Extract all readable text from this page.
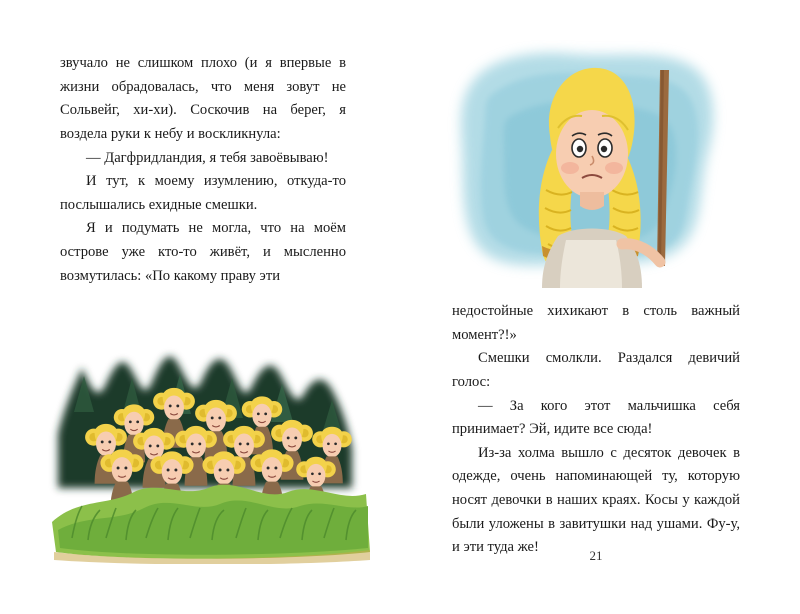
звучало не слишком плохо (и я впервые в жизни обрадовалась, что меня зовут не Сольвейг, хи-хи). Соскочив на берег, я воздела руки к небу и воскликнула:

— Дагфридландия, я тебя завоёвываю!

И тут, к моему изумлению, откуда-то послышались ехидные смешки.

Я и подумать не могла, что на моём острове уже кто-то живёт, и мысленно возмутилась: «По какому праву эти

недостойные хихикают в столь важный момент?!»

Смешки смолкли. Раздался девичий голос:

— За кого этот мальчишка себя принимает? Эй, идите все сюда!

Из-за холма вышло с десяток девочек в одежде, очень напоминающей ту, которую носят девочки в наших краях. Косы у каждой были уложены в завитушки над ушами. Фу-у, и эти туда же!

21
